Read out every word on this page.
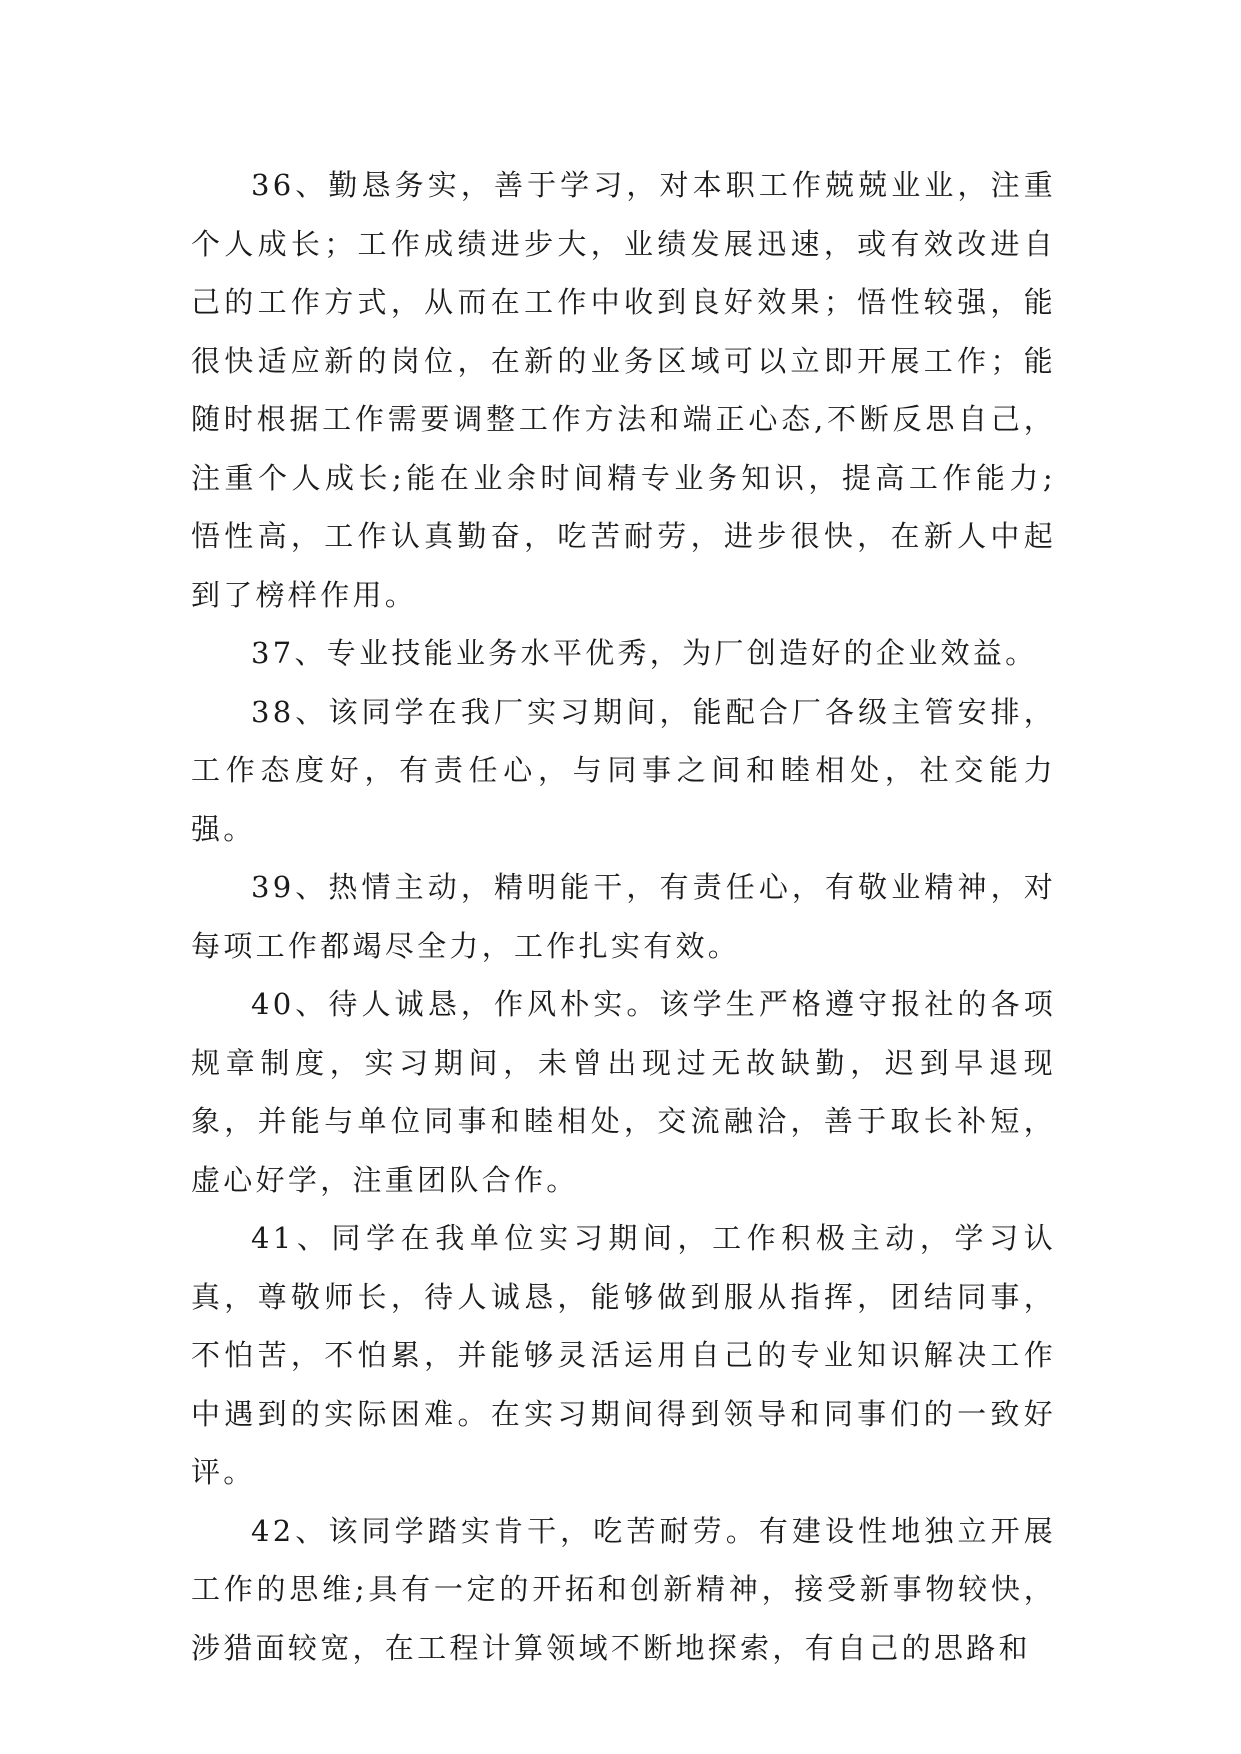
36、勤恳务实，善于学习，对本职工作兢兢业业，注重个人成长；工作成绩进步大，业绩发展迅速，或有效改进自己的工作方式，从而在工作中收到良好效果；悟性较强，能很快适应新的岗位，在新的业务区域可以立即开展工作；能随时根据工作需要调整工作方法和端正心态,不断反思自己，注重个人成长;能在业余时间精专业务知识，提高工作能力;悟性高，工作认真勤奋，吃苦耐劳，进步很快，在新人中起到了榜样作用。

37、专业技能业务水平优秀，为厂创造好的企业效益。

38、该同学在我厂实习期间，能配合厂各级主管安排，工作态度好，有责任心，与同事之间和睦相处，社交能力强。

39、热情主动，精明能干，有责任心，有敬业精神，对每项工作都竭尽全力，工作扎实有效。

40、待人诚恳，作风朴实。该学生严格遵守报社的各项规章制度，实习期间，未曾出现过无故缺勤，迟到早退现象，并能与单位同事和睦相处，交流融洽，善于取长补短，虚心好学，注重团队合作。

41、同学在我单位实习期间，工作积极主动，学习认真，尊敬师长，待人诚恳，能够做到服从指挥，团结同事，不怕苦，不怕累，并能够灵活运用自己的专业知识解决工作中遇到的实际困难。在实习期间得到领导和同事们的一致好评。

42、该同学踏实肯干，吃苦耐劳。有建设性地独立开展工作的思维;具有一定的开拓和创新精神，接受新事物较快，涉猎面较宽，在工程计算领域不断地探索，有自己的思路和
